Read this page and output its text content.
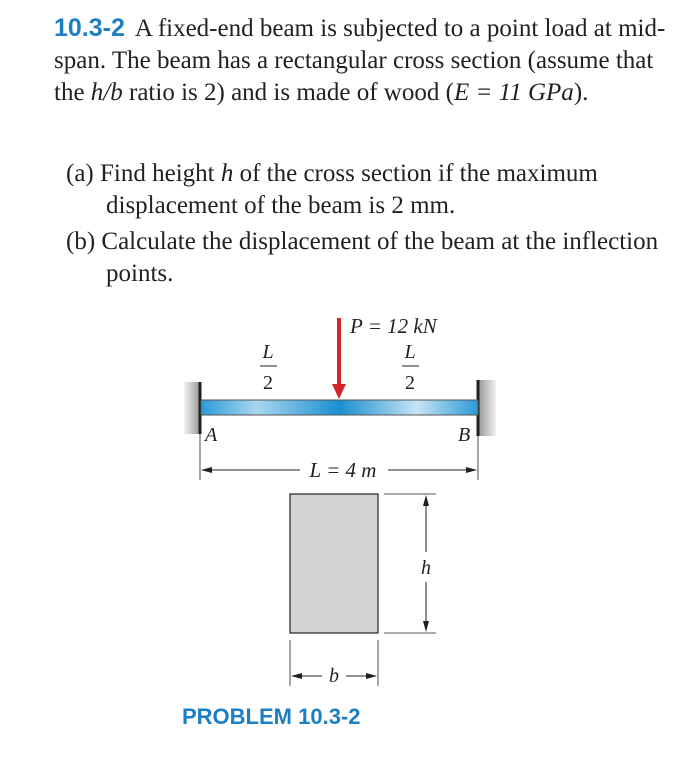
10.3-2 A fixed-end beam is subjected to a point load at mid-span. The beam has a rectangular cross section (assume that the h/b ratio is 2) and is made of wood (E = 11 GPa).
(a) Find height h of the cross section if the maximum displacement of the beam is 2 mm.
(b) Calculate the displacement of the beam at the inflection points.
P = 12 kN
L
2
L
2
A	B
L = 4 m
h
b
PROBLEM 10.3-2
